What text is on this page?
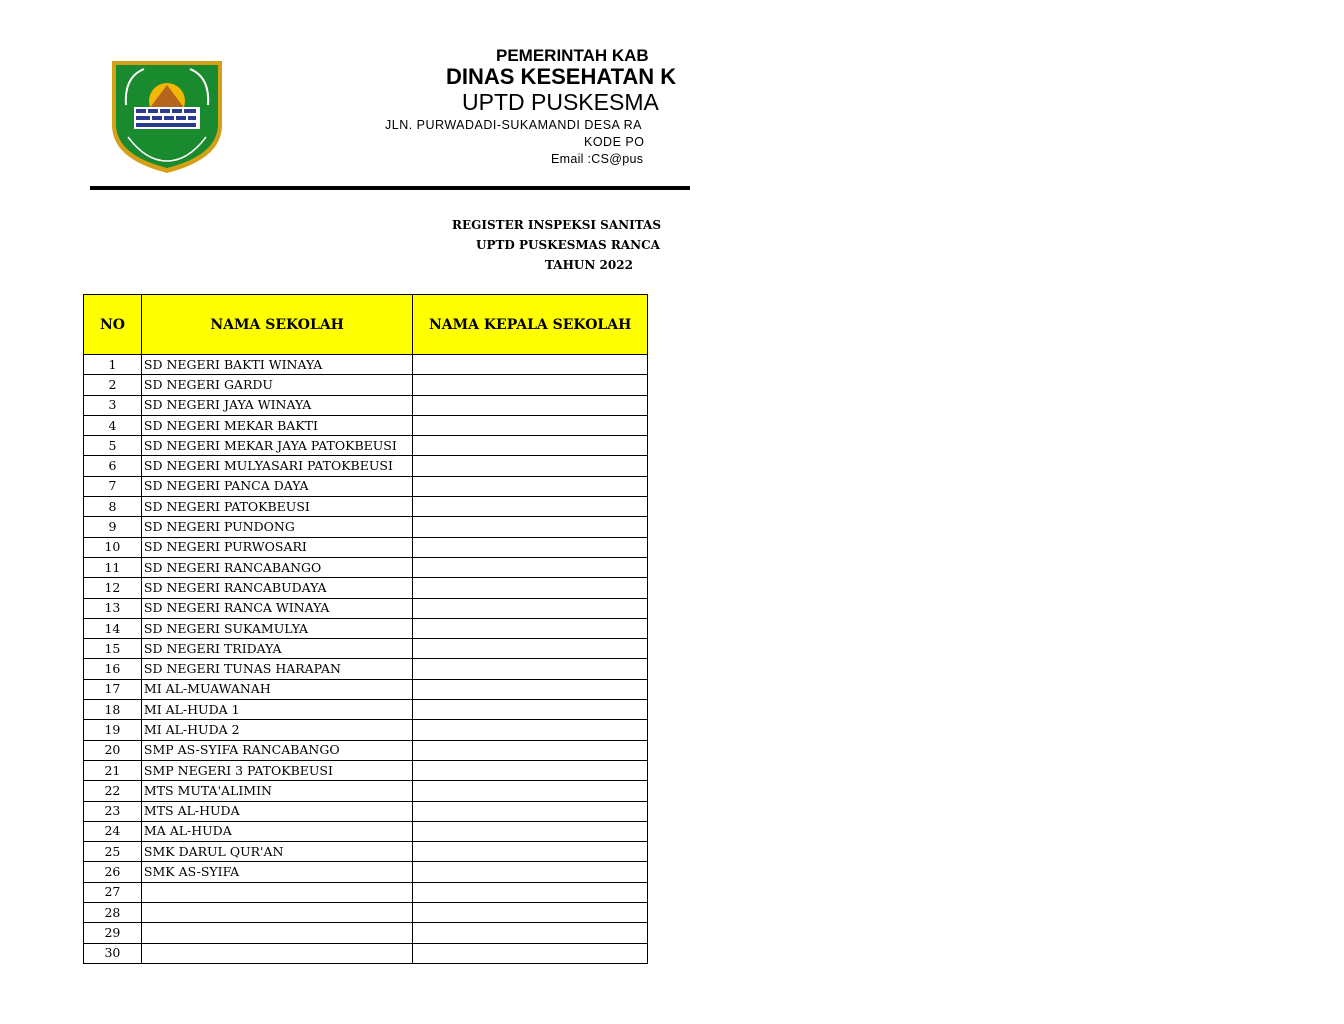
PEMERINTAH KAB
DINAS KESEHATAN K
UPTD PUSKESMA
JLN. PURWADADI-SUKAMANDI DESA RA
KODE PO
Email :CS@pus
REGISTER INSPEKSI SANITAS
UPTD PUSKESMAS RANCA
TAHUN 2022
NO	NAMA SEKOLAH	NAMA KEPALA SEKOLAH
1	SD NEGERI BAKTI WINAYA	
2	SD NEGERI GARDU	
3	SD NEGERI JAYA WINAYA	
4	SD NEGERI MEKAR BAKTI	
5	SD NEGERI MEKAR JAYA PATOKBEUSI	
6	SD NEGERI MULYASARI PATOKBEUSI	
7	SD NEGERI PANCA DAYA	
8	SD NEGERI PATOKBEUSI	
9	SD NEGERI PUNDONG	
10	SD NEGERI PURWOSARI	
11	SD NEGERI RANCABANGO	
12	SD NEGERI RANCABUDAYA	
13	SD NEGERI RANCA WINAYA	
14	SD NEGERI SUKAMULYA	
15	SD NEGERI TRIDAYA	
16	SD NEGERI TUNAS HARAPAN	
17	MI AL-MUAWANAH	
18	MI AL-HUDA 1	
19	MI AL-HUDA 2	
20	SMP AS-SYIFA RANCABANGO	
21	SMP NEGERI 3 PATOKBEUSI	
22	MTS MUTA'ALIMIN	
23	MTS AL-HUDA	
24	MA AL-HUDA	
25	SMK DARUL QUR'AN	
26	SMK AS-SYIFA	
27		
28		
29		
30		
